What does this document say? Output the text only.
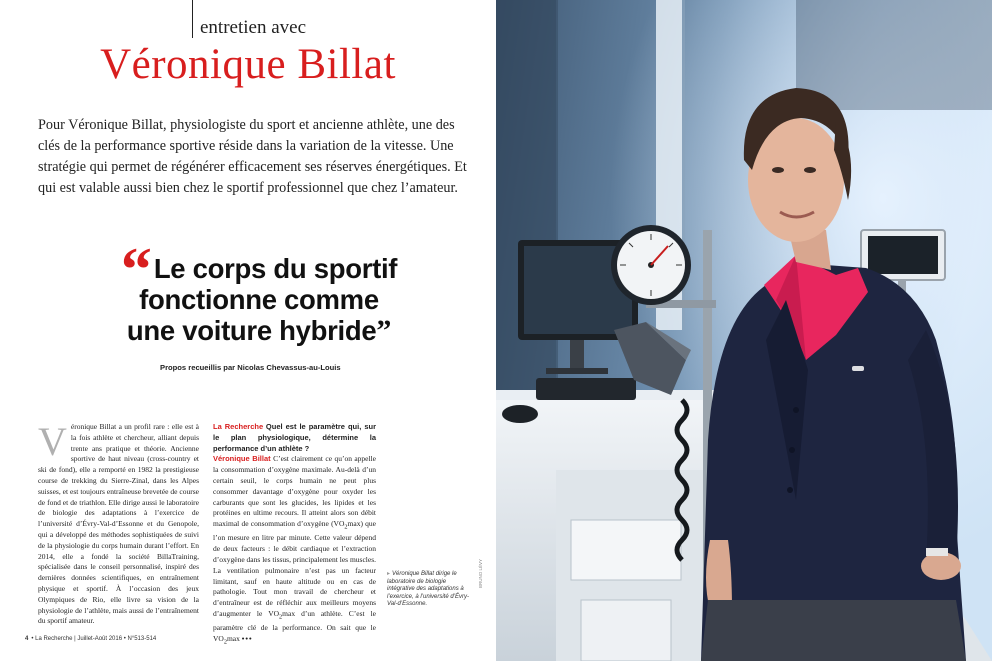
entretien avec
Véronique Billat

Pour Véronique Billat, physiologiste du sport et ancienne athlète, une des clés de la performance sportive réside dans la variation de la vitesse. Une stratégie qui permet de régénérer efficacement ses réserves énergétiques. Et qui est valable aussi bien chez le sportif professionnel que chez l’amateur.

“ Le corps du sportif
fonctionne comme
une voiture hybride”
Propos recueillis par Nicolas Chevassus-au-Louis
Véronique Billat a un profil rare : elle est à la fois athlète et chercheur, alliant depuis trente ans pratique et théorie. Ancienne sportive de haut niveau (cross-country et ski de fond), elle a remporté en 1982 la prestigieuse course de trekking du Sierre-Zinal, dans les Alpes suisses, et est toujours entraîneuse brevetée de course de fond et de triathlon. Elle dirige aussi le laboratoire de biologie des adaptations à l’exercice de l’université d’Évry-Val-d’Essonne et du Genopole, qui a développé des méthodes sophistiquées de suivi de la physiologie du corps humain durant l’effort. En 2014, elle a fondé la société BillaTraining, spécialisée dans le conseil personnalisé, inspiré des dernières données scientifiques, en entraînement physique et sportif. À l’occasion des jeux Olympiques de Rio, elle livre sa vision de la physiologie de l’athlète, mais aussi de l’entraînement du sportif amateur.
La Recherche Quel est le paramètre qui, sur le plan physiologique, détermine la performance d’un athlète ?
Véronique Billat C’est clairement ce qu’on appelle la consommation d’oxygène maximale. Au-delà d’un certain seuil, le corps humain ne peut plus consommer davantage d’oxygène pour oxyder les carburants que sont les glucides, les lipides et les protéines en ultime recours. Il atteint alors son débit maximal de consommation d’oxygène $(VO_2\max)$ que l’on mesure en litre par minute. Cette valeur dépend de deux facteurs : le débit cardiaque et l’extraction d’oxygène dans les tissus, principalement les muscles. La ventilation pulmonaire n’est pas un facteur limitant, sauf en haute altitude ou en cas de pathologie. Tout mon travail de chercheur et d’entraîneur est de réfléchir aux meilleurs moyens d’augmenter le $VO_2\max$ d’un athlète. C’est le paramètre clé de la performance. On sait que le $VO_2\max$ •••
▸ Véronique Billat dirige le laboratoire de biologie intégrative des adaptations à l’exercice, à l’université d’Évry-Val-d’Essonne.
BRUNO LÉVY
4 • La Recherche | Juillet-Août 2016 • N°513-514
